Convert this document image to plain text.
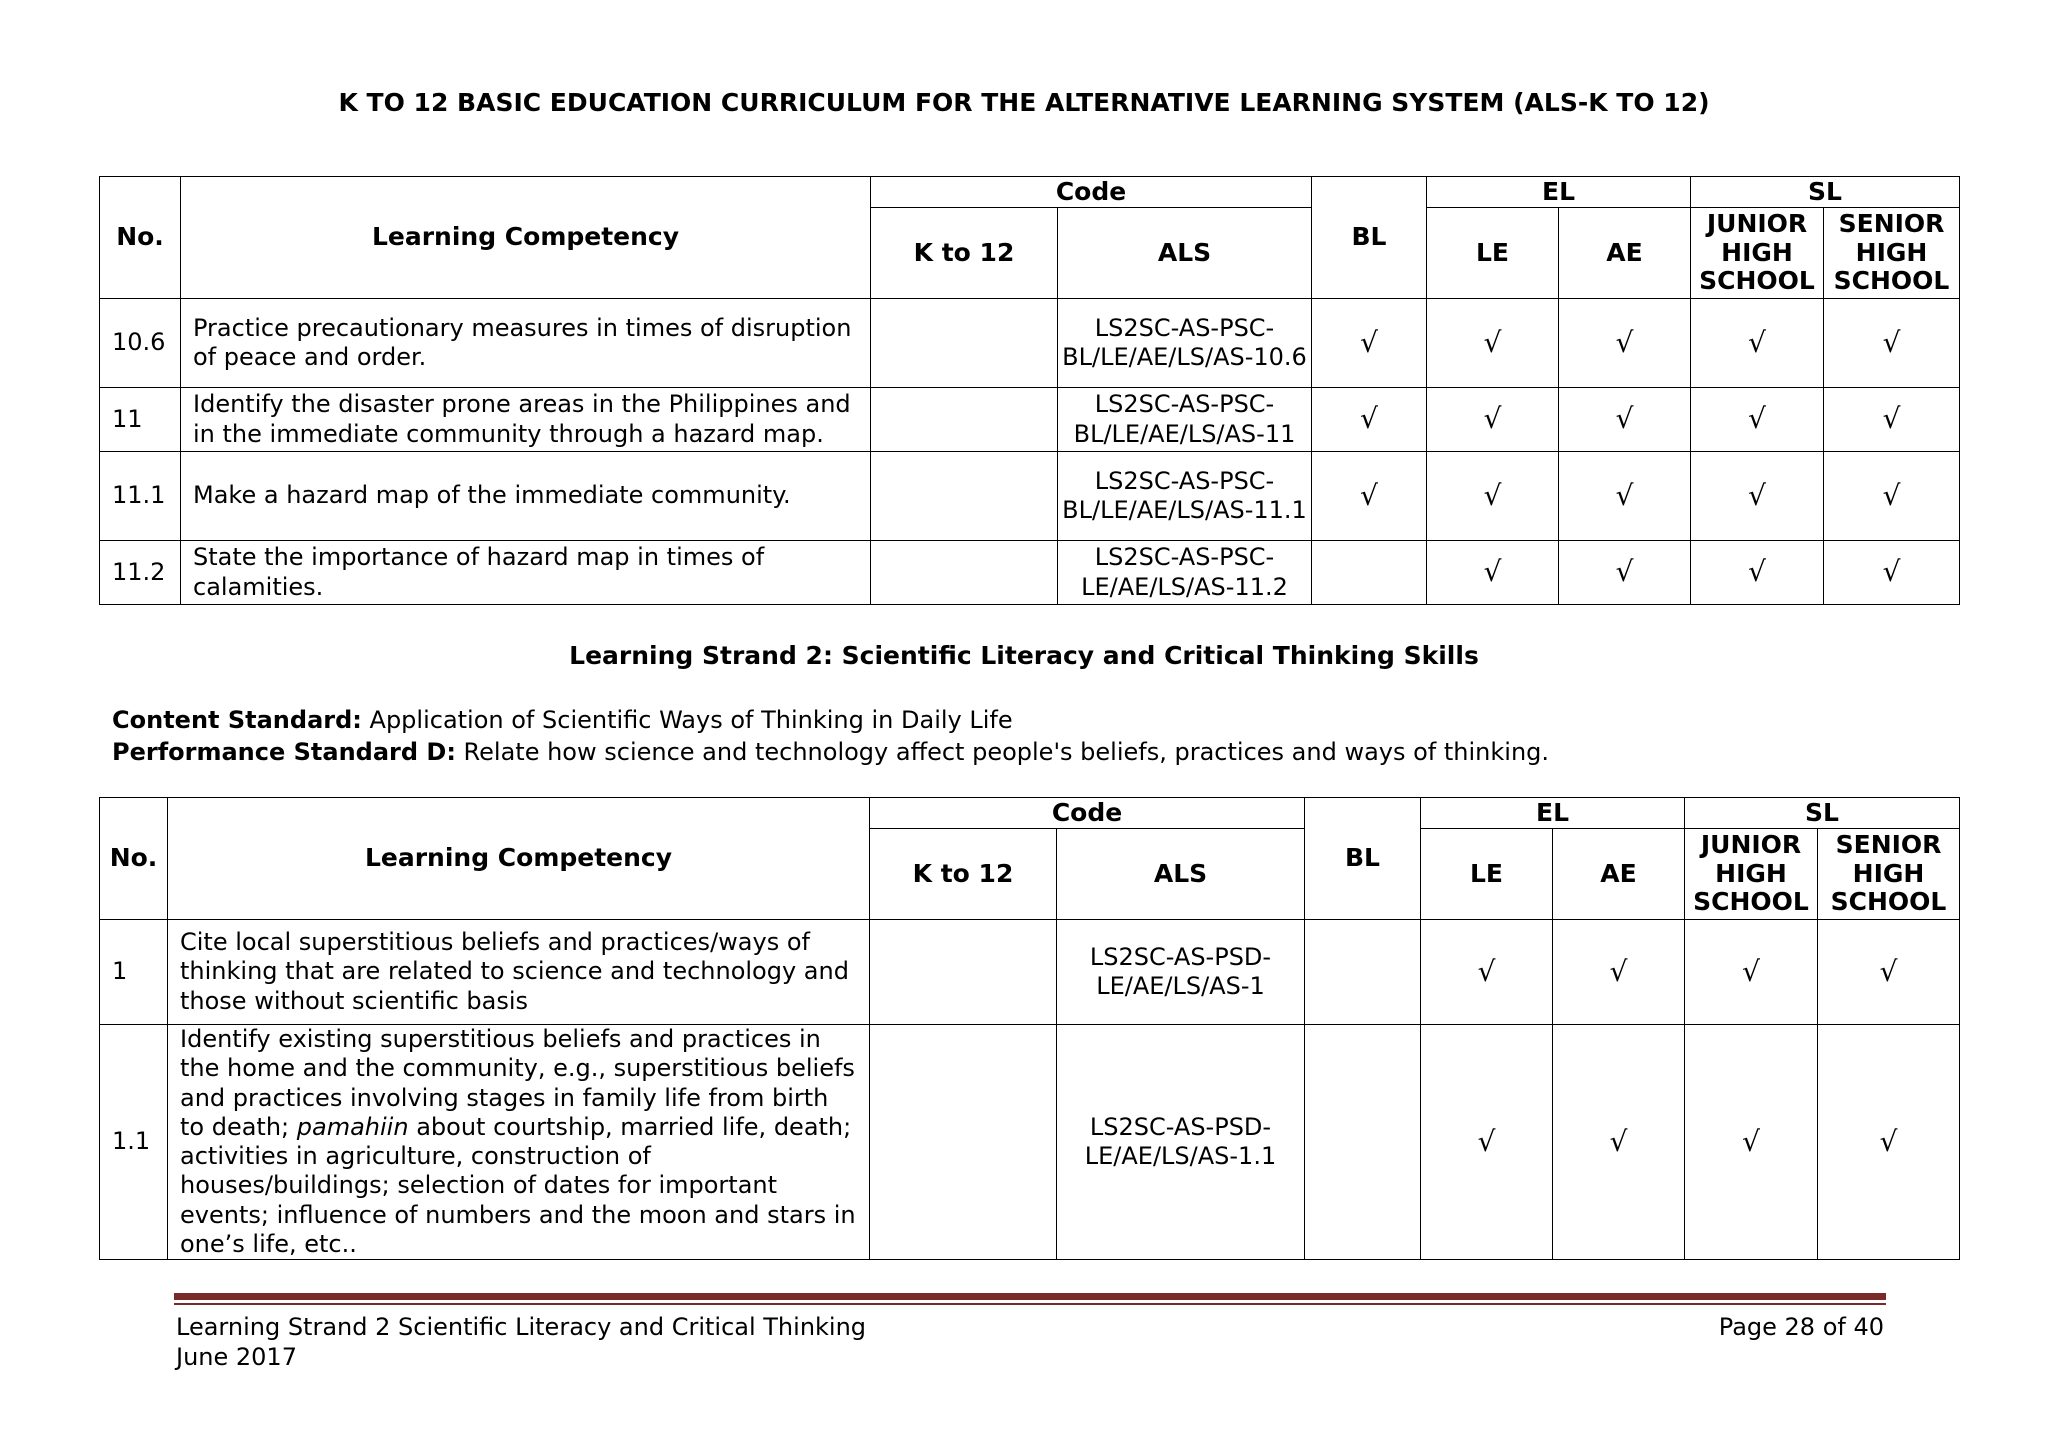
K TO 12 BASIC EDUCATION CURRICULUM FOR THE ALTERNATIVE LEARNING SYSTEM (ALS-K TO 12)
No.	Learning Competency	Code		BL	EL		SL	
		K to 12	ALS		LE	AE	JUNIOR HIGH SCHOOL	SENIOR HIGH SCHOOL
10.6	Practice precautionary measures in times of disruption of peace and order.		LS2SC-AS-PSC-BL/LE/AE/LS/AS-10.6	√	√	√	√	√
11	Identify the disaster prone areas in the Philippines and in the immediate community through a hazard map.		LS2SC-AS-PSC-BL/LE/AE/LS/AS-11	√	√	√	√	√
11.1	Make a hazard map of the immediate community.		LS2SC-AS-PSC-BL/LE/AE/LS/AS-11.1	√	√	√	√	√
11.2	State the importance of hazard map in times of calamities.		LS2SC-AS-PSC-LE/AE/LS/AS-11.2		√	√	√	√
Learning Strand 2: Scientific Literacy and Critical Thinking Skills
Content Standard: Application of Scientific Ways of Thinking in Daily Life
Performance Standard D: Relate how science and technology affect people's beliefs, practices and ways of thinking.
No.	Learning Competency	Code		BL	EL		SL	
		K to 12	ALS		LE	AE	JUNIOR HIGH SCHOOL	SENIOR HIGH SCHOOL
1	Cite local superstitious beliefs and practices/ways of thinking that are related to science and technology and those without scientific basis		LS2SC-AS-PSD-LE/AE/LS/AS-1		√	√	√	√
1.1	Identify existing superstitious beliefs and practices in the home and the community, e.g., superstitious beliefs and practices involving stages in family life from birth to death; pamahiin about courtship, married life, death; activities in agriculture, construction of houses/buildings; selection of dates for important events; influence of numbers and the moon and stars in one’s life, etc..		LS2SC-AS-PSD-LE/AE/LS/AS-1.1		√	√	√	√
Learning Strand 2 Scientific Literacy and Critical Thinking
June 2017
Page 28 of 40
